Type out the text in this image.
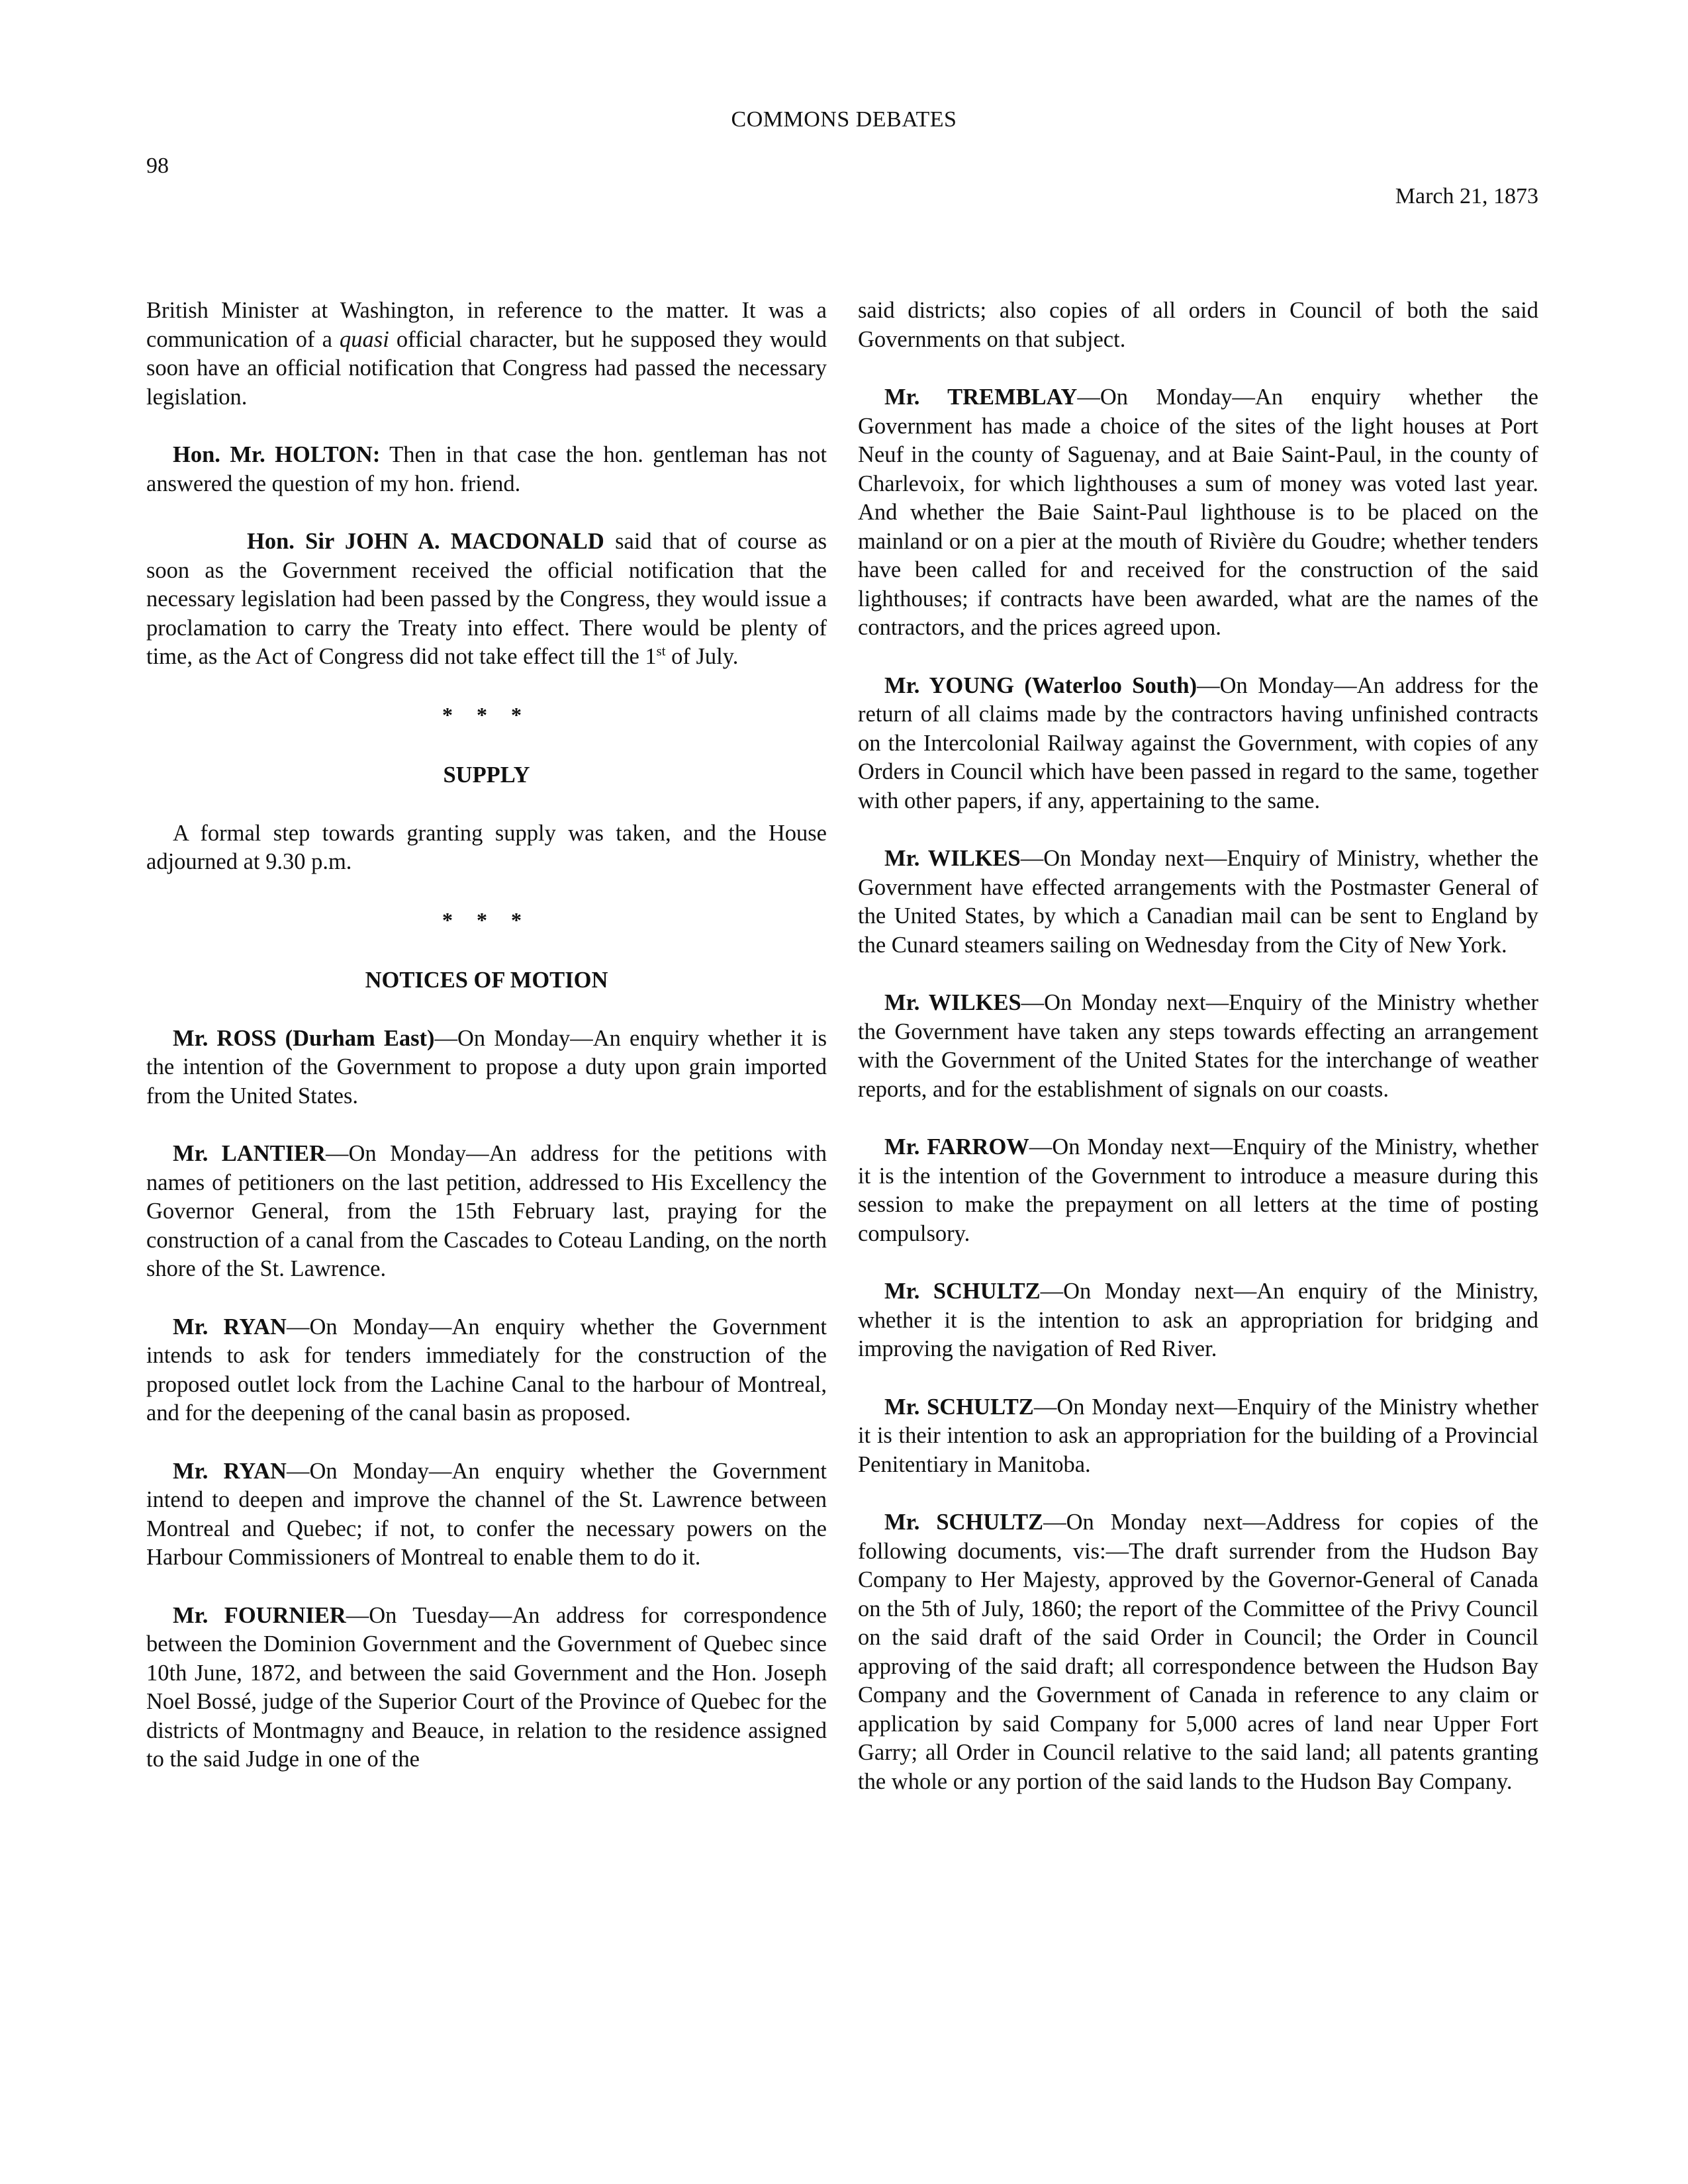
COMMONS DEBATES
98
March 21, 1873

British Minister at Washington, in reference to the matter. It was a communication of a quasi official character, but he supposed they would soon have an official notification that Congress had passed the necessary legislation.

Hon. Mr. HOLTON: Then in that case the hon. gentleman has not answered the question of my hon. friend.

Hon. Sir JOHN A. MACDONALD said that of course as soon as the Government received the official notification that the necessary legislation had been passed by the Congress, they would issue a proclamation to carry the Treaty into effect. There would be plenty of time, as the Act of Congress did not take effect till the 1st of July.

* * *
SUPPLY

A formal step towards granting supply was taken, and the House adjourned at 9.30 p.m.

* * *
NOTICES OF MOTION

Mr. ROSS (Durham East)—On Monday—An enquiry whether it is the intention of the Government to propose a duty upon grain imported from the United States.

Mr. LANTIER—On Monday—An address for the petitions with names of petitioners on the last petition, addressed to His Excellency the Governor General, from the 15th February last, praying for the construction of a canal from the Cascades to Coteau Landing, on the north shore of the St. Lawrence.

Mr. RYAN—On Monday—An enquiry whether the Government intends to ask for tenders immediately for the construction of the proposed outlet lock from the Lachine Canal to the harbour of Montreal, and for the deepening of the canal basin as proposed.

Mr. RYAN—On Monday—An enquiry whether the Government intend to deepen and improve the channel of the St. Lawrence between Montreal and Quebec; if not, to confer the necessary powers on the Harbour Commissioners of Montreal to enable them to do it.

Mr. FOURNIER—On Tuesday—An address for correspondence between the Dominion Government and the Government of Quebec since 10th June, 1872, and between the said Government and the Hon. Joseph Noel Bossé, judge of the Superior Court of the Province of Quebec for the districts of Montmagny and Beauce, in relation to the residence assigned to the said Judge in one of the

said districts; also copies of all orders in Council of both the said Governments on that subject.

Mr. TREMBLAY—On Monday—An enquiry whether the Government has made a choice of the sites of the light houses at Port Neuf in the county of Saguenay, and at Baie Saint-Paul, in the county of Charlevoix, for which lighthouses a sum of money was voted last year. And whether the Baie Saint-Paul lighthouse is to be placed on the mainland or on a pier at the mouth of Rivière du Goudre; whether tenders have been called for and received for the construction of the said lighthouses; if contracts have been awarded, what are the names of the contractors, and the prices agreed upon.

Mr. YOUNG (Waterloo South)—On Monday—An address for the return of all claims made by the contractors having unfinished contracts on the Intercolonial Railway against the Government, with copies of any Orders in Council which have been passed in regard to the same, together with other papers, if any, appertaining to the same.

Mr. WILKES—On Monday next—Enquiry of Ministry, whether the Government have effected arrangements with the Postmaster General of the United States, by which a Canadian mail can be sent to England by the Cunard steamers sailing on Wednesday from the City of New York.

Mr. WILKES—On Monday next—Enquiry of the Ministry whether the Government have taken any steps towards effecting an arrangement with the Government of the United States for the interchange of weather reports, and for the establishment of signals on our coasts.

Mr. FARROW—On Monday next—Enquiry of the Ministry, whether it is the intention of the Government to introduce a measure during this session to make the prepayment on all letters at the time of posting compulsory.

Mr. SCHULTZ—On Monday next—An enquiry of the Ministry, whether it is the intention to ask an appropriation for bridging and improving the navigation of Red River.

Mr. SCHULTZ—On Monday next—Enquiry of the Ministry whether it is their intention to ask an appropriation for the building of a Provincial Penitentiary in Manitoba.

Mr. SCHULTZ—On Monday next—Address for copies of the following documents, vis:—The draft surrender from the Hudson Bay Company to Her Majesty, approved by the Governor-General of Canada on the 5th of July, 1860; the report of the Committee of the Privy Council on the said draft of the said Order in Council; the Order in Council approving of the said draft; all correspondence between the Hudson Bay Company and the Government of Canada in reference to any claim or application by said Company for 5,000 acres of land near Upper Fort Garry; all Order in Council relative to the said land; all patents granting the whole or any portion of the said lands to the Hudson Bay Company.
